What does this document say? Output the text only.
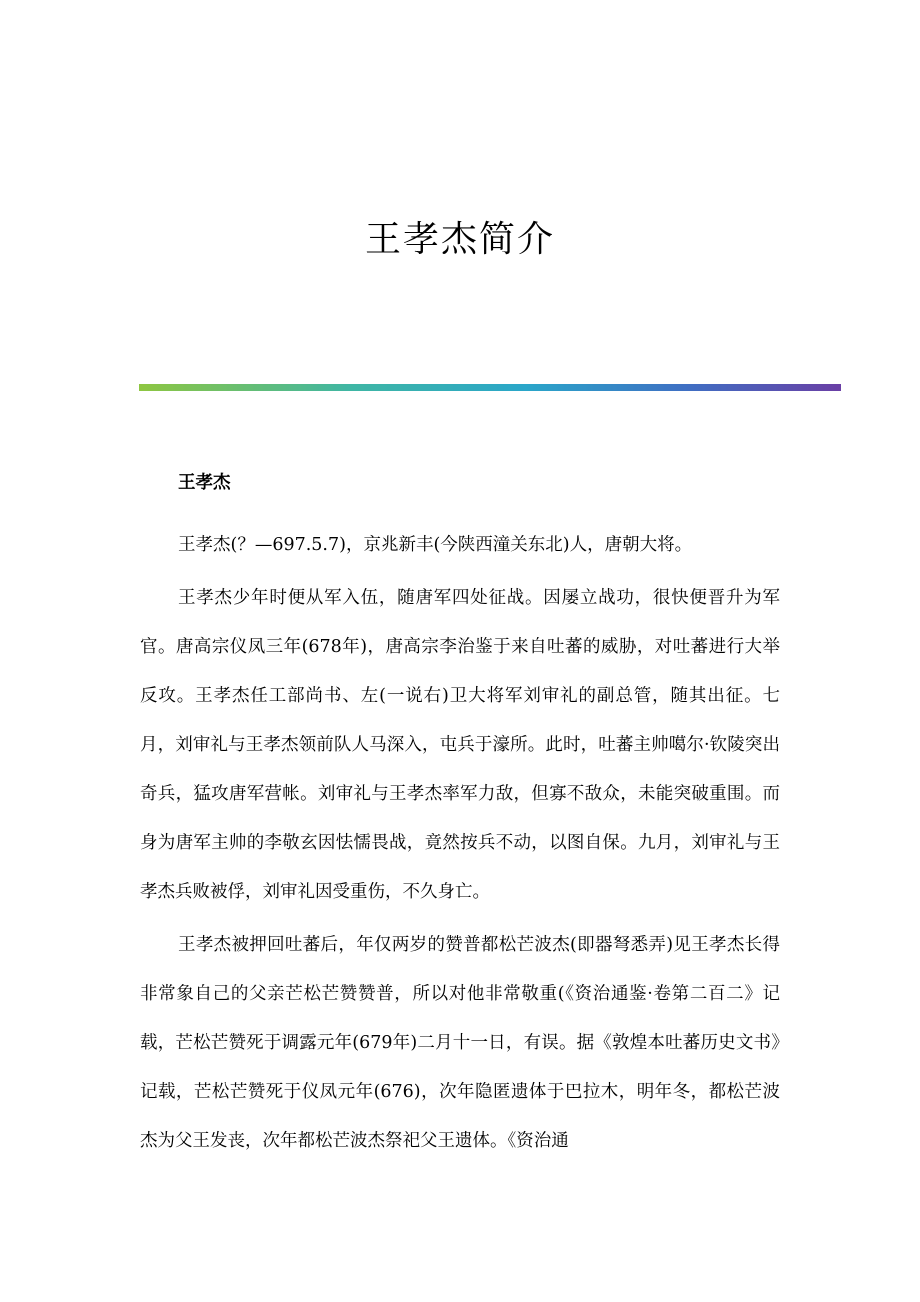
王孝杰简介
王孝杰

王孝杰(？—697.5.7)，京兆新丰(今陕西潼关东北)人，唐朝大将。

王孝杰少年时便从军入伍，随唐军四处征战。因屡立战功，很快便晋升为军官。唐高宗仪凤三年(678年)，唐高宗李治鉴于来自吐蕃的威胁，对吐蕃进行大举反攻。王孝杰任工部尚书、左(一说右)卫大将军刘审礼的副总管，随其出征。七月，刘审礼与王孝杰领前队人马深入，屯兵于濠所。此时，吐蕃主帅噶尔·钦陵突出奇兵，猛攻唐军营帐。刘审礼与王孝杰率军力敌，但寡不敌众，未能突破重围。而身为唐军主帅的李敬玄因怯懦畏战，竟然按兵不动，以图自保。九月，刘审礼与王孝杰兵败被俘，刘审礼因受重伤，不久身亡。

王孝杰被押回吐蕃后，年仅两岁的赞普都松芒波杰(即器弩悉弄)见王孝杰长得非常象自己的父亲芒松芒赞赞普，所以对他非常敬重(《资治通鉴·卷第二百二》记载，芒松芒赞死于调露元年(679年)二月十一日，有误。据《敦煌本吐蕃历史文书》记载，芒松芒赞死于仪凤元年(676)，次年隐匿遗体于巴拉木，明年冬，都松芒波杰为父王发丧，次年都松芒波杰祭祀父王遗体。《资治通
